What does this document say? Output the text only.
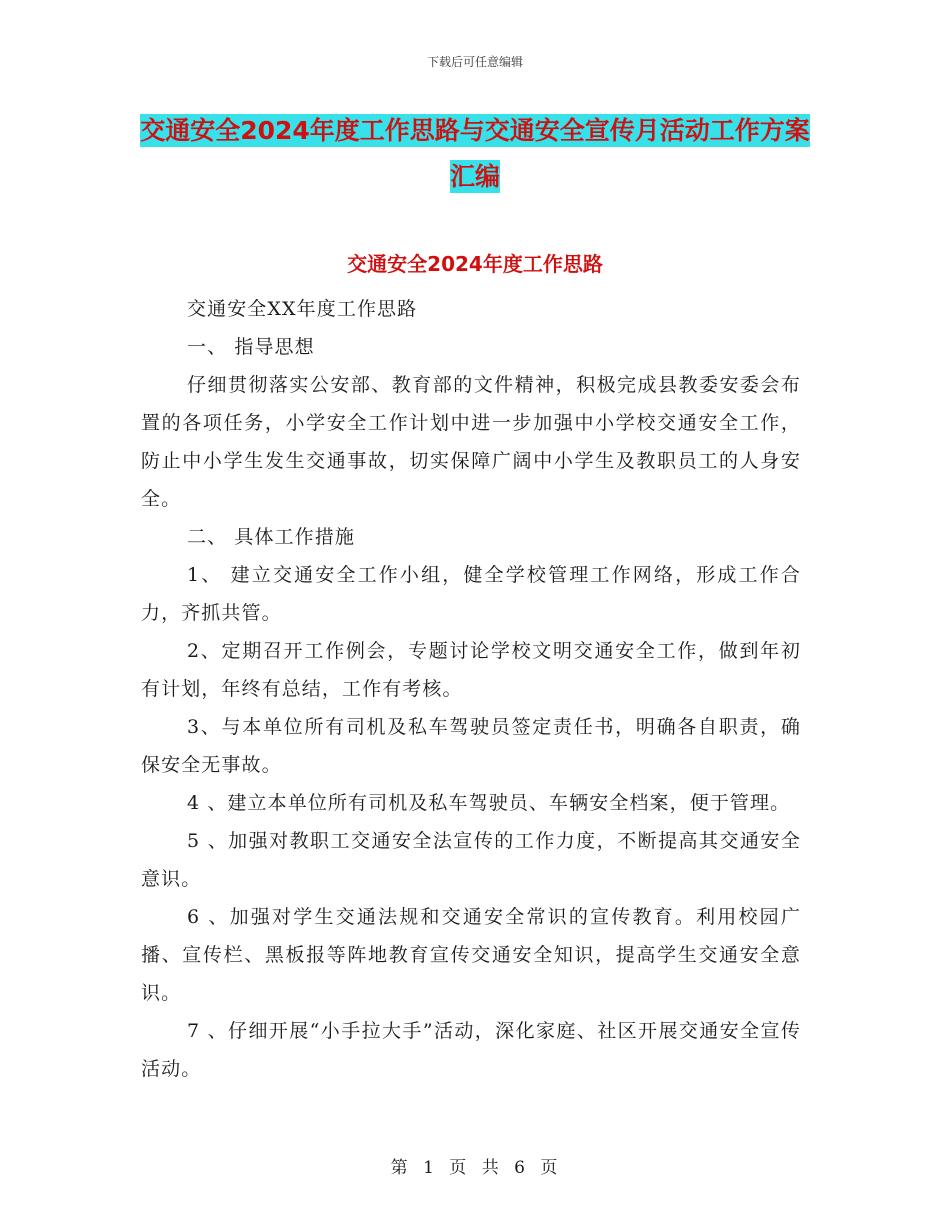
下载后可任意编辑
交通安全2024年度工作思路与交通安全宣传月活动工作方案汇编
交通安全2024年度工作思路

交通安全XX年度工作思路

一、 指导思想

仔细贯彻落实公安部、教育部的文件精神，积极完成县教委安委会布置的各项任务，小学安全工作计划中进一步加强中小学校交通安全工作，防止中小学生发生交通事故，切实保障广阔中小学生及教职员工的人身安全。

二、 具体工作措施

1、 建立交通安全工作小组，健全学校管理工作网络，形成工作合力，齐抓共管。

2、定期召开工作例会，专题讨论学校文明交通安全工作，做到年初有计划，年终有总结，工作有考核。

3、与本单位所有司机及私车驾驶员签定责任书，明确各自职责，确保安全无事故。

4 、建立本单位所有司机及私车驾驶员、车辆安全档案，便于管理。

5 、加强对教职工交通安全法宣传的工作力度，不断提高其交通安全意识。

6 、加强对学生交通法规和交通安全常识的宣传教育。利用校园广播、宣传栏、黑板报等阵地教育宣传交通安全知识，提高学生交通安全意识。

7 、仔细开展“小手拉大手”活动，深化家庭、社区开展交通安全宣传活动。

第 1 页 共 6 页
